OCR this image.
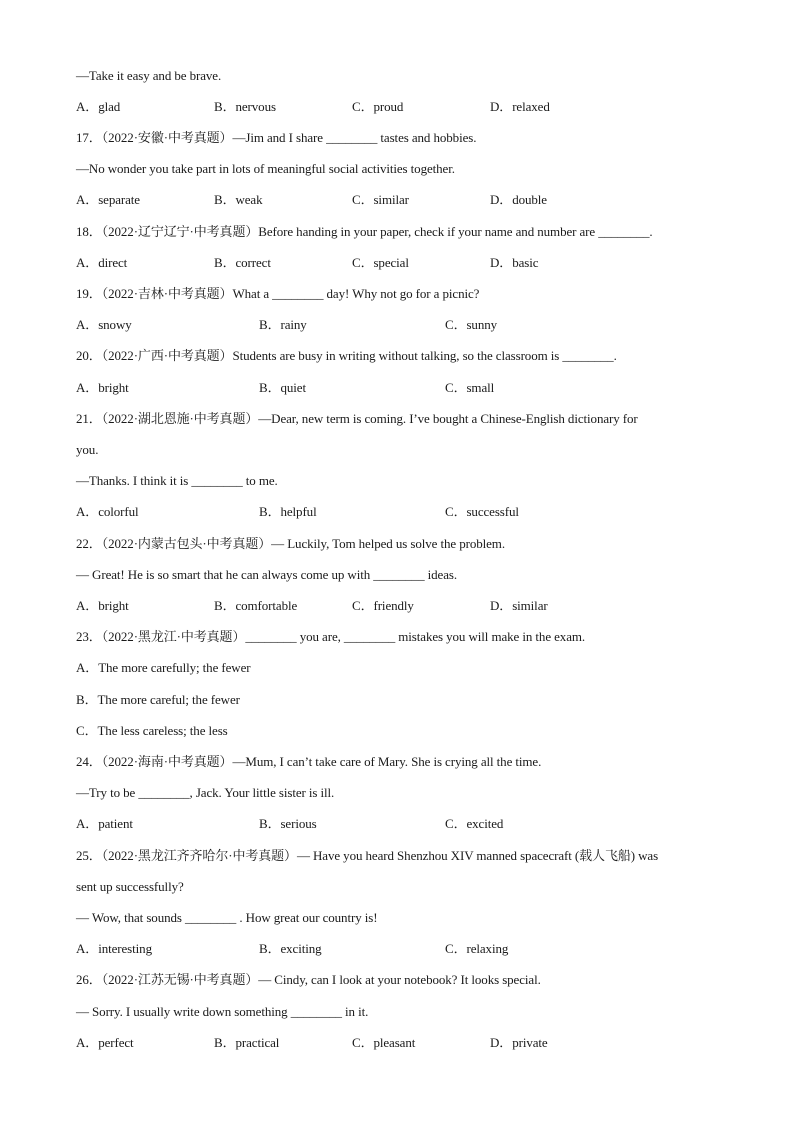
—Take it easy and be brave.
A．glad	B．nervous	C．proud	D．relaxed
17．（2022·安徽·中考真题）—Jim and I share ________ tastes and hobbies.
—No wonder you take part in lots of meaningful social activities together.
A．separate	B．weak	C．similar	D．double
18．（2022·辽宁辽宁·中考真题）Before handing in your paper, check if your name and number are ________.
A．direct	B．correct	C．special	D．basic
19．（2022·吉林·中考真题）What a ________ day! Why not go for a picnic?
A．snowy	B．rainy	C．sunny
20．（2022·广西·中考真题）Students are busy in writing without talking, so the classroom is ________.
A．bright	B．quiet	C．small
21．（2022·湖北恩施·中考真题）—Dear, new term is coming. I’ve bought a Chinese-English dictionary for
you.
—Thanks. I think it is ________ to me.
A．colorful	B．helpful	C．successful
22．（2022·内蒙古包头·中考真题）— Luckily, Tom helped us solve the problem.
— Great! He is so smart that he can always come up with ________ ideas.
A．bright	B．comfortable	C．friendly	D．similar
23．（2022·黑龙江·中考真题）________ you are, ________ mistakes you will make in the exam.
A．The more carefully; the fewer
B．The more careful; the fewer
C．The less careless; the less
24．（2022·海南·中考真题）—Mum, I can’t take care of Mary. She is crying all the time.
—Try to be ________, Jack. Your little sister is ill.
A．patient	B．serious	C．excited
25．（2022·黑龙江齐齐哈尔·中考真题）— Have you heard Shenzhou XIV manned spacecraft (载人飞船) was
sent up successfully?
— Wow, that sounds ________ . How great our country is!
A．interesting	B．exciting	C．relaxing
26．（2022·江苏无锡·中考真题）— Cindy, can I look at your notebook? It looks special.
— Sorry. I usually write down something ________ in it.
A．perfect	B．practical	C．pleasant	D．private
